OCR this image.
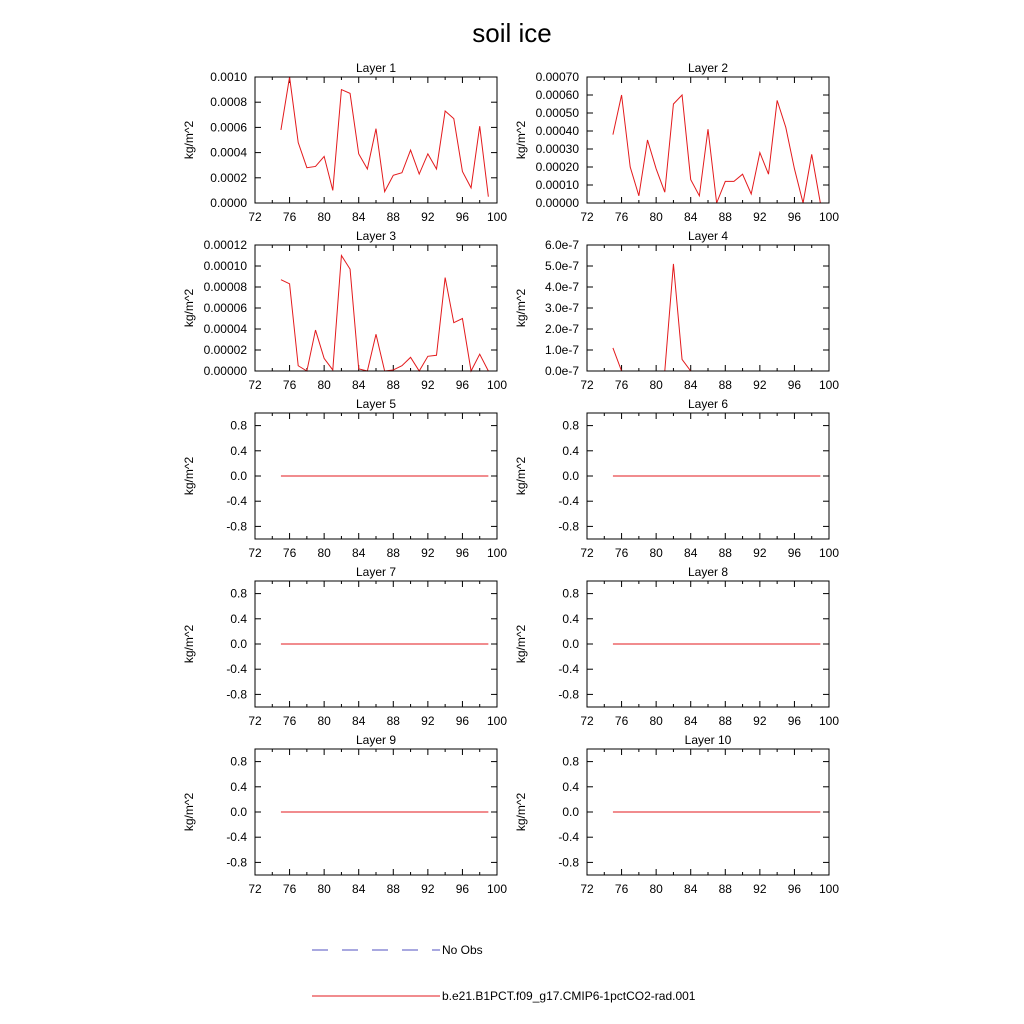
soil ice
Layer 1
72 76 80 84 88 92 96 100
0.0000
0.0002
0.0004
0.0006
0.0008
0.0010
kg/m^2
Layer 2
72 76 80 84 88 92 96 100
0.00000
0.00010
0.00020
0.00030
0.00040
0.00050
0.00060
0.00070
kg/m^2
Layer 3
72 76 80 84 88 92 96 100
0.00000
0.00002
0.00004
0.00006
0.00008
0.00010
0.00012
kg/m^2
Layer 4
72 76 80 84 88 92 96 100
0.0e-7
1.0e-7
2.0e-7
3.0e-7
4.0e-7
5.0e-7
6.0e-7
kg/m^2
Layer 5
72 76 80 84 88 92 96 100
-0.8
-0.4
0.0
0.4
0.8
kg/m^2
Layer 6
72 76 80 84 88 92 96 100
-0.8
-0.4
0.0
0.4
0.8
kg/m^2
Layer 7
72 76 80 84 88 92 96 100
-0.8
-0.4
0.0
0.4
0.8
kg/m^2
Layer 8
72 76 80 84 88 92 96 100
-0.8
-0.4
0.0
0.4
0.8
kg/m^2
Layer 9
72 76 80 84 88 92 96 100
-0.8
-0.4
0.0
0.4
0.8
kg/m^2
Layer 10
72 76 80 84 88 92 96 100
-0.8
-0.4
0.0
0.4
0.8
kg/m^2
No Obs
b.e21.B1PCT.f09_g17.CMIP6-1pctCO2-rad.001
